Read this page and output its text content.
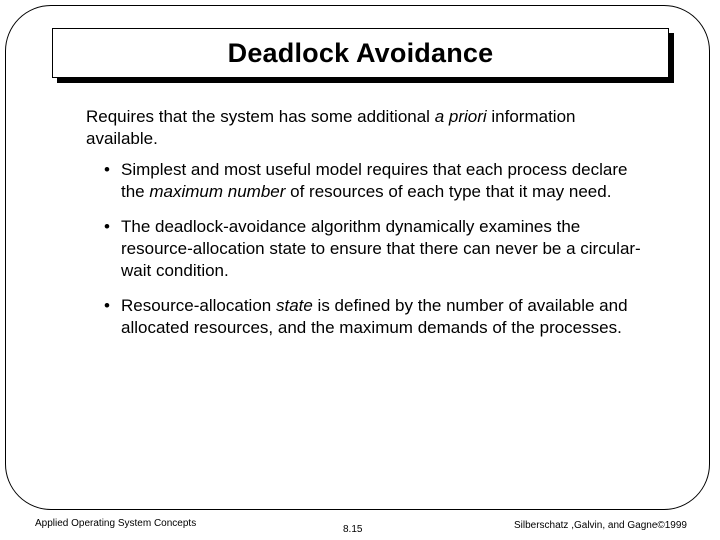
Deadlock Avoidance
Requires that the system has some additional a priori information available.
• Simplest and most useful model requires that each process declare the maximum number of resources of each type that it may need.
• The deadlock-avoidance algorithm dynamically examines the resource-allocation state to ensure that there can never be a circular-wait condition.
• Resource-allocation state is defined by the number of available and allocated resources, and the maximum demands of the processes.
Applied Operating System Concepts
8.15	Silberschatz ,Galvin, and Gagne©1999
